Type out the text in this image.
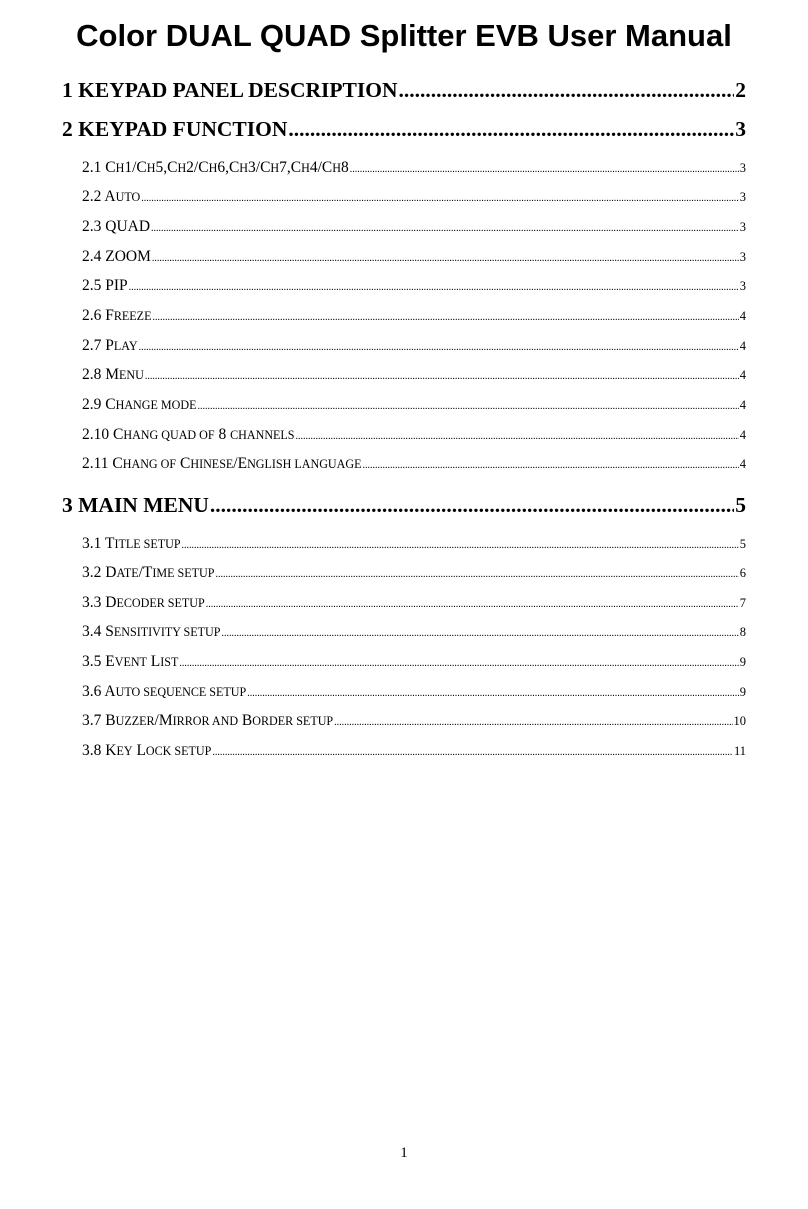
Color DUAL QUAD Splitter EVB User Manual
1 KEYPAD PANEL DESCRIPTION .....	2
2 KEYPAD FUNCTION .....	3
2.1 CH1/CH5,CH2/CH6,CH3/CH7,CH4/CH8 .....	3
2.2 AUTO .....	3
2.3 QUAD .....	3
2.4 ZOOM .....	3
2.5 PIP .....	3
2.6 FREEZE .....	4
2.7 PLAY .....	4
2.8 MENU .....	4
2.9 CHANGE MODE .....	4
2.10 CHANG QUAD OF 8 CHANNELS .....	4
2.11 CHANG OF CHINESE/ENGLISH LANGUAGE .....	4
3 MAIN MENU .....	5
3.1 TITLE SETUP .....	5
3.2 DATE/TIME SETUP .....	6
3.3 DECODER SETUP .....	7
3.4 SENSITIVITY SETUP .....	8
3.5 EVENT LIST .....	9
3.6 AUTO SEQUENCE SETUP .....	9
3.7 BUZZER/MIRROR AND BORDER SETUP .....	10
3.8 KEY LOCK SETUP .....	11
1
